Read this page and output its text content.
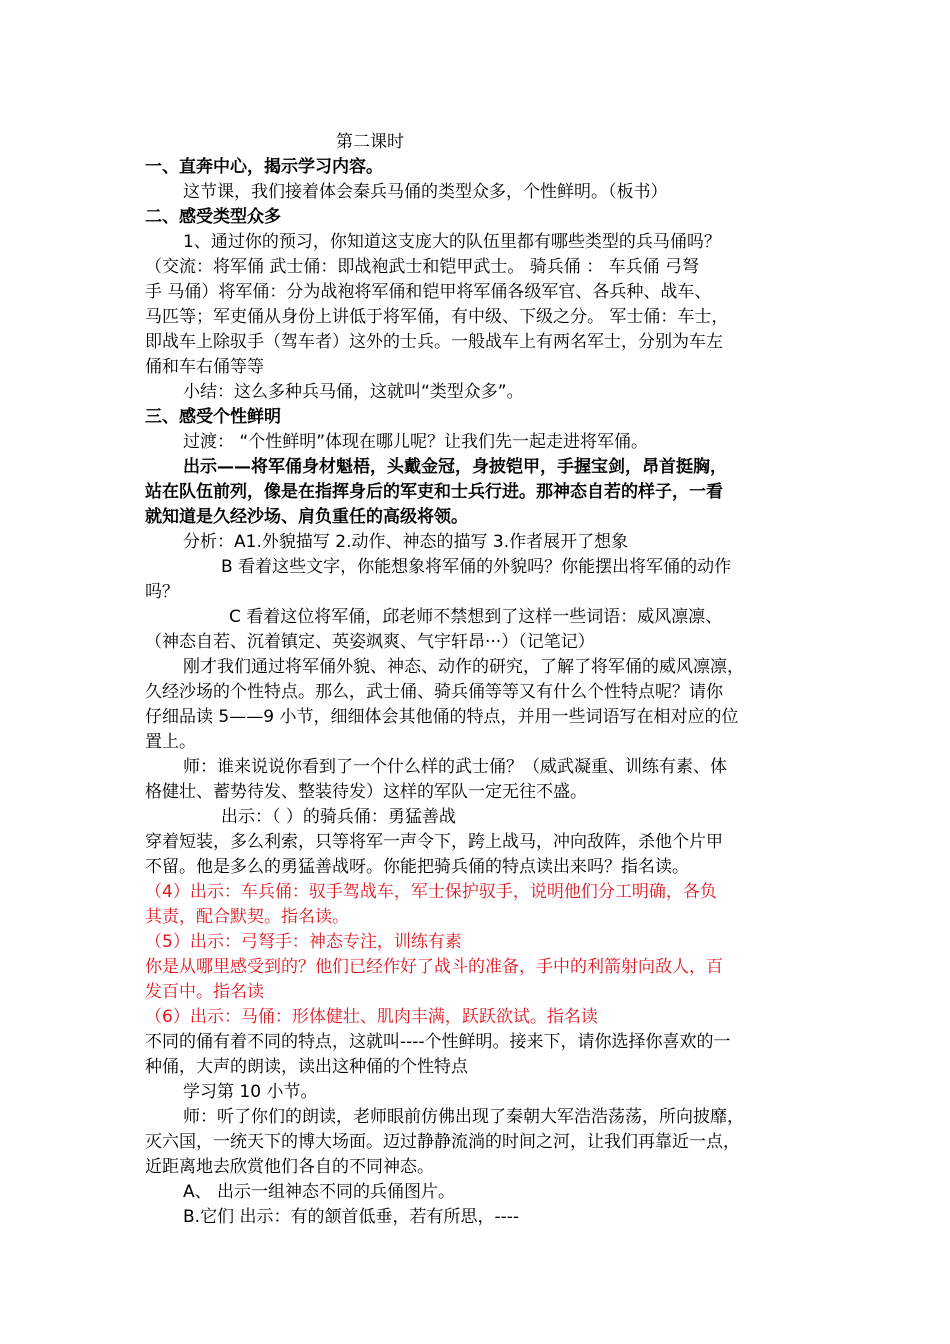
第二课时
一、直奔中心，揭示学习内容。
这节课，我们接着体会秦兵马俑的类型众多，个性鲜明。（板书）
二、感受类型众多
1、通过你的预习，你知道这支庞大的队伍里都有哪些类型的兵马俑吗？
（交流：将军俑 武士俑：即战袍武士和铠甲武士。 骑兵俑 ： 车兵俑 弓弩
手 马俑）将军俑：分为战袍将军俑和铠甲将军俑各级军官、各兵种、战车、
马匹等；军吏俑从身份上讲低于将军俑，有中级、下级之分。 军士俑：车士，
即战车上除驭手（驾车者）这外的士兵。一般战车上有两名军士，分别为车左
俑和车右俑等等
小结：这么多种兵马俑，这就叫“类型众多”。
三、感受个性鲜明
过渡： “个性鲜明”体现在哪儿呢？让我们先一起走进将军俑。
出示——将军俑身材魁梧，头戴金冠，身披铠甲，手握宝剑，昂首挺胸，
站在队伍前列，像是在指挥身后的军吏和士兵行进。那神态自若的样子，一看
就知道是久经沙场、肩负重任的高级将领。
分析：A1.外貌描写 2.动作、神态的描写 3.作者展开了想象
B 看着这些文字，你能想象将军俑的外貌吗？你能摆出将军俑的动作
吗？
C 看着这位将军俑，邱老师不禁想到了这样一些词语：威风凛凛、
（神态自若、沉着镇定、英姿飒爽、气宇轩昂···）（记笔记）
刚才我们通过将军俑外貌、神态、动作的研究，了解了将军俑的威风凛凛，
久经沙场的个性特点。那么，武士俑、骑兵俑等等又有什么个性特点呢？请你
仔细品读 5——9 小节，细细体会其他俑的特点，并用一些词语写在相对应的位
置上。
师：谁来说说你看到了一个什么样的武士俑？（威武凝重、训练有素、体
格健壮、蓄势待发、整装待发）这样的军队一定无往不盛。
出示：（ ）的骑兵俑：勇猛善战
穿着短装，多么利索，只等将军一声令下，跨上战马，冲向敌阵，杀他个片甲
不留。他是多么的勇猛善战呀。你能把骑兵俑的特点读出来吗？指名读。
（4）出示：车兵俑：驭手驾战车，军士保护驭手，说明他们分工明确，各负
其责，配合默契。指名读。
（5）出示：弓弩手：神态专注，训练有素
你是从哪里感受到的？他们已经作好了战斗的准备，手中的利箭射向敌人，百
发百中。指名读
（6）出示：马俑：形体健壮、肌肉丰满，跃跃欲试。指名读
不同的俑有着不同的特点，这就叫----个性鲜明。接来下，请你选择你喜欢的一
种俑，大声的朗读，读出这种俑的个性特点
学习第 10 小节。
师：听了你们的朗读，老师眼前仿佛出现了秦朝大军浩浩荡荡，所向披靡，
灭六国，一统天下的博大场面。迈过静静流淌的时间之河，让我们再靠近一点，
近距离地去欣赏他们各自的不同神态。
A、 出示一组神态不同的兵俑图片。
B.它们 出示：有的颔首低垂，若有所思，----
